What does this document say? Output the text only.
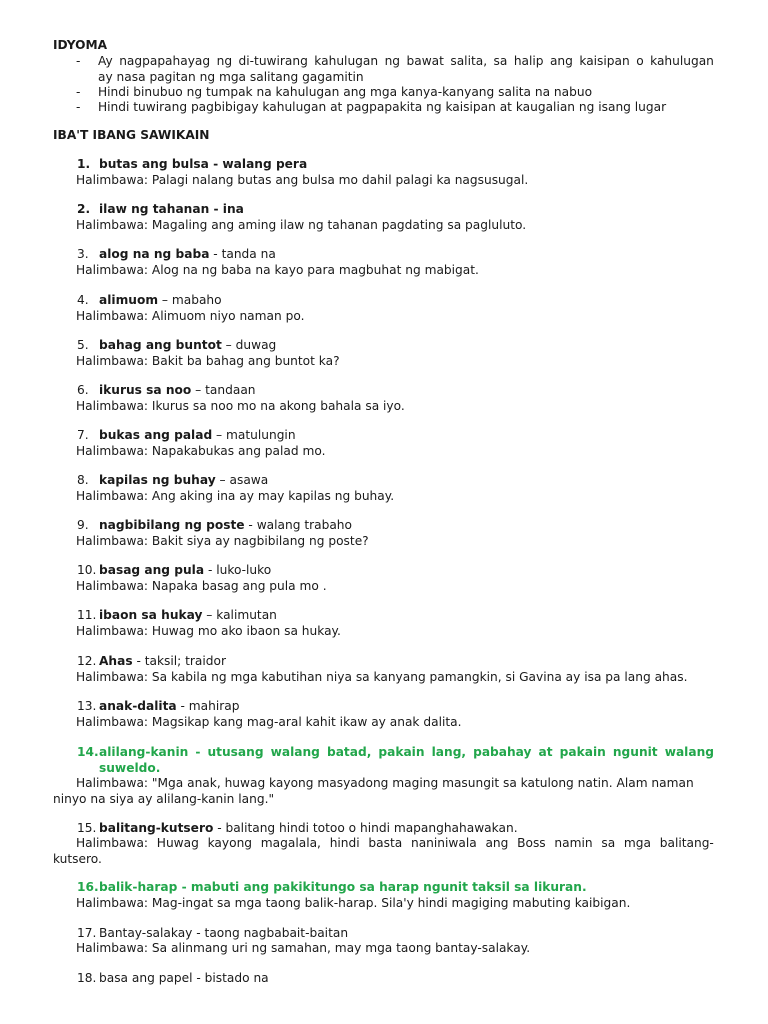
IDYOMA
- Ay nagpapahayag ng di-tuwirang kahulugan ng bawat salita, sa halip ang kaisipan o kahulugan
ay nasa pagitan ng mga salitang gagamitin
- Hindi binubuo ng tumpak na kahulugan ang mga kanya-kanyang salita na nabuo
- Hindi tuwirang pagbibigay kahulugan at pagpapakita ng kaisipan at kaugalian ng isang lugar
IBA'T IBANG SAWIKAIN
1. butas ang bulsa - walang pera
Halimbawa: Palagi nalang butas ang bulsa mo dahil palagi ka nagsusugal.
2. ilaw ng tahanan - ina
Halimbawa: Magaling ang aming ilaw ng tahanan pagdating sa pagluluto.
3. alog na ng baba - tanda na
Halimbawa: Alog na ng baba na kayo para magbuhat ng mabigat.
4. alimuom – mabaho
Halimbawa: Alimuom niyo naman po.
5. bahag ang buntot – duwag
Halimbawa: Bakit ba bahag ang buntot ka?
6. ikurus sa noo – tandaan
Halimbawa: Ikurus sa noo mo na akong bahala sa iyo.
7. bukas ang palad – matulungin
Halimbawa: Napakabukas ang palad mo.
8. kapilas ng buhay – asawa
Halimbawa: Ang aking ina ay may kapilas ng buhay.
9. nagbibilang ng poste - walang trabaho
Halimbawa: Bakit siya ay nagbibilang ng poste?
10. basag ang pula - luko-luko
Halimbawa: Napaka basag ang pula mo .
11. ibaon sa hukay – kalimutan
Halimbawa: Huwag mo ako ibaon sa hukay.
12. Ahas - taksil; traidor
Halimbawa: Sa kabila ng mga kabutihan niya sa kanyang pamangkin, si Gavina ay isa pa lang ahas.
13. anak-dalita - mahirap
Halimbawa: Magsikap kang mag-aral kahit ikaw ay anak dalita.
14. alilang-kanin - utusang walang batad, pakain lang, pabahay at pakain ngunit walang
suweldo.
Halimbawa: "Mga anak, huwag kayong masyadong maging masungit sa katulong natin. Alam naman
ninyo na siya ay alilang-kanin lang."
15. balitang-kutsero - balitang hindi totoo o hindi mapanghahawakan.
Halimbawa: Huwag kayong magalala, hindi basta naniniwala ang Boss namin sa mga balitang-
kutsero.
16. balik-harap - mabuti ang pakikitungo sa harap ngunit taksil sa likuran.
Halimbawa: Mag-ingat sa mga taong balik-harap. Sila'y hindi magiging mabuting kaibigan.
17. Bantay-salakay - taong nagbabait-baitan
Halimbawa: Sa alinmang uri ng samahan, may mga taong bantay-salakay.
18. basa ang papel - bistado na
